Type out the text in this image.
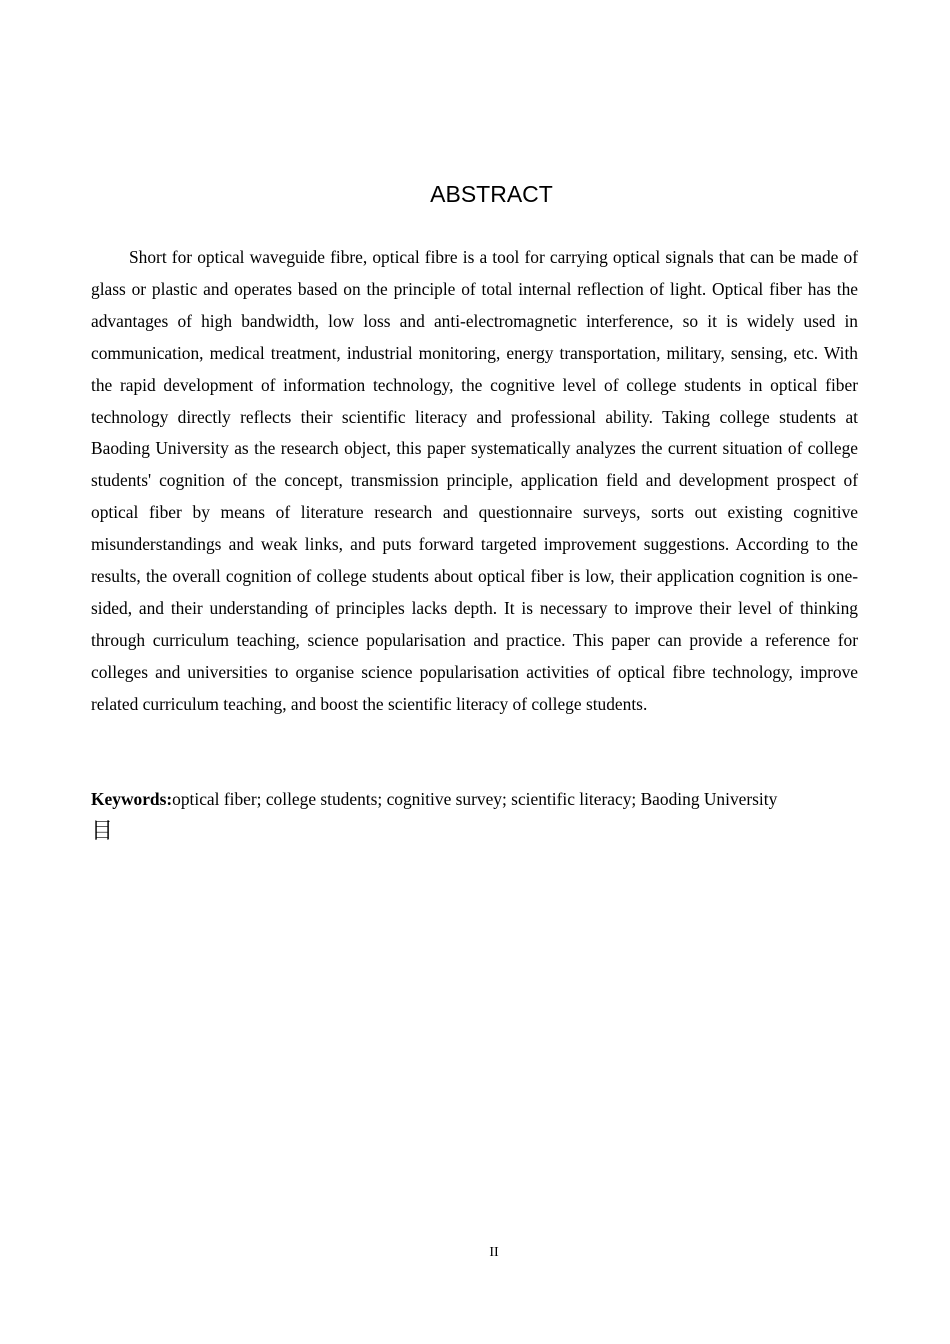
ABSTRACT

Short for optical waveguide fibre, optical fibre is a tool for carrying optical signals that can be made of glass or plastic and operates based on the principle of total internal reflection of light. Optical fiber has the advantages of high bandwidth, low loss and anti-electromagnetic interference, so it is widely used in communication, medical treatment, industrial monitoring, energy transportation, military, sensing, etc. With the rapid development of information technology, the cognitive level of college students in optical fiber technology directly reflects their scientific literacy and professional ability. Taking college students at Baoding University as the research object, this paper systematically analyzes the current situation of college students' cognition of the concept, transmission principle, application field and development prospect of optical fiber by means of literature research and questionnaire surveys, sorts out existing cognitive misunderstandings and weak links, and puts forward targeted improvement suggestions. According to the results, the overall cognition of college students about optical fiber is low, their application cognition is one-sided, and their understanding of principles lacks depth. It is necessary to improve their level of thinking through curriculum teaching, science popularisation and practice. This paper can provide a reference for colleges and universities to organise science popularisation activities of optical fibre technology, improve related curriculum teaching, and boost the scientific literacy of college students.

Keywords:optical fiber; college students; cognitive survey; scientific literacy; Baoding University

目

II
